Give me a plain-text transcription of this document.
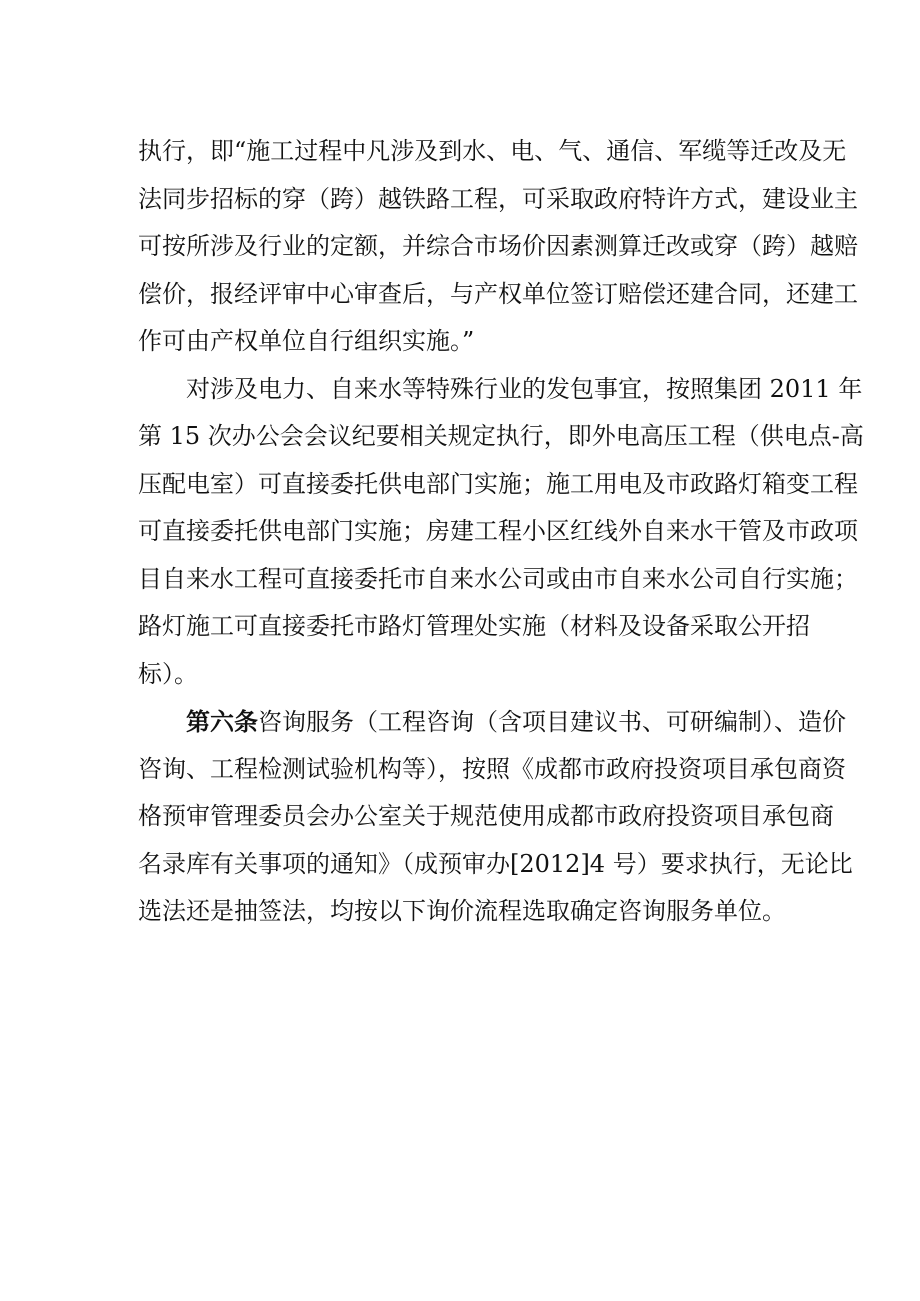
执行，即“施工过程中凡涉及到水、电、气、通信、军缆等迁改及无
法同步招标的穿（跨）越铁路工程，可采取政府特许方式，建设业主
可按所涉及行业的定额，并综合市场价因素测算迁改或穿（跨）越赔
偿价，报经评审中心审查后，与产权单位签订赔偿还建合同，还建工
作可由产权单位自行组织实施。”
对涉及电力、自来水等特殊行业的发包事宜，按照集团 2011 年
第 15 次办公会会议纪要相关规定执行，即外电高压工程（供电点-高
压配电室）可直接委托供电部门实施；施工用电及市政路灯箱变工程
可直接委托供电部门实施；房建工程小区红线外自来水干管及市政项
目自来水工程可直接委托市自来水公司或由市自来水公司自行实施；
路灯施工可直接委托市路灯管理处实施（材料及设备采取公开招
标）。
第六条咨询服务（工程咨询（含项目建议书、可研编制）、造价
咨询、工程检测试验机构等），按照《成都市政府投资项目承包商资
格预审管理委员会办公室关于规范使用成都市政府投资项目承包商
名录库有关事项的通知》（成预审办[2012]4 号）要求执行，无论比
选法还是抽签法，均按以下询价流程选取确定咨询服务单位。
